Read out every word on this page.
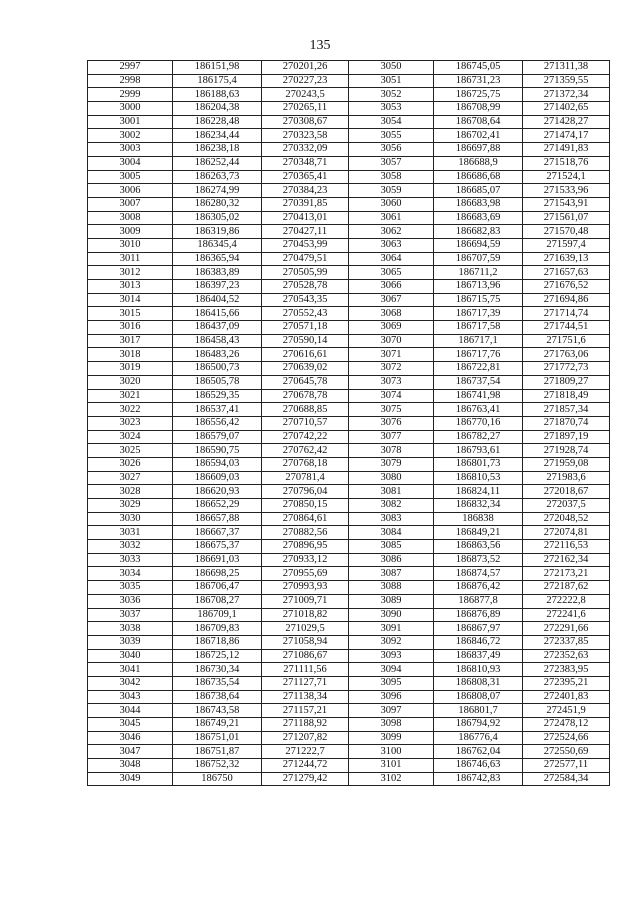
135
2997	186151,98	270201,26	3050	186745,05	271311,38
2998	186175,4	270227,23	3051	186731,23	271359,55
2999	186188,63	270243,5	3052	186725,75	271372,34
3000	186204,38	270265,11	3053	186708,99	271402,65
3001	186228,48	270308,67	3054	186708,64	271428,27
3002	186234,44	270323,58	3055	186702,41	271474,17
3003	186238,18	270332,09	3056	186697,88	271491,83
3004	186252,44	270348,71	3057	186688,9	271518,76
3005	186263,73	270365,41	3058	186686,68	271524,1
3006	186274,99	270384,23	3059	186685,07	271533,96
3007	186280,32	270391,85	3060	186683,98	271543,91
3008	186305,02	270413,01	3061	186683,69	271561,07
3009	186319,86	270427,11	3062	186682,83	271570,48
3010	186345,4	270453,99	3063	186694,59	271597,4
3011	186365,94	270479,51	3064	186707,59	271639,13
3012	186383,89	270505,99	3065	186711,2	271657,63
3013	186397,23	270528,78	3066	186713,96	271676,52
3014	186404,52	270543,35	3067	186715,75	271694,86
3015	186415,66	270552,43	3068	186717,39	271714,74
3016	186437,09	270571,18	3069	186717,58	271744,51
3017	186458,43	270590,14	3070	186717,1	271751,6
3018	186483,26	270616,61	3071	186717,76	271763,06
3019	186500,73	270639,02	3072	186722,81	271772,73
3020	186505,78	270645,78	3073	186737,54	271809,27
3021	186529,35	270678,78	3074	186741,98	271818,49
3022	186537,41	270688,85	3075	186763,41	271857,34
3023	186556,42	270710,57	3076	186770,16	271870,74
3024	186579,07	270742,22	3077	186782,27	271897,19
3025	186590,75	270762,42	3078	186793,61	271928,74
3026	186594,03	270768,18	3079	186801,73	271959,08
3027	186609,03	270781,4	3080	186810,53	271983,6
3028	186620,93	270796,04	3081	186824,11	272018,67
3029	186652,29	270850,15	3082	186832,34	272037,5
3030	186657,88	270864,61	3083	186838	272048,52
3031	186667,37	270882,56	3084	186849,21	272074,81
3032	186675,37	270896,95	3085	186863,56	272116,53
3033	186691,03	270933,12	3086	186873,52	272162,34
3034	186698,25	270955,69	3087	186874,57	272173,21
3035	186706,47	270993,93	3088	186876,42	272187,62
3036	186708,27	271009,71	3089	186877,8	272222,8
3037	186709,1	271018,82	3090	186876,89	272241,6
3038	186709,83	271029,5	3091	186867,97	272291,66
3039	186718,86	271058,94	3092	186846,72	272337,85
3040	186725,12	271086,67	3093	186837,49	272352,63
3041	186730,34	271111,56	3094	186810,93	272383,95
3042	186735,54	271127,71	3095	186808,31	272395,21
3043	186738,64	271138,34	3096	186808,07	272401,83
3044	186743,58	271157,21	3097	186801,7	272451,9
3045	186749,21	271188,92	3098	186794,92	272478,12
3046	186751,01	271207,82	3099	186776,4	272524,66
3047	186751,87	271222,7	3100	186762,04	272550,69
3048	186752,32	271244,72	3101	186746,63	272577,11
3049	186750	271279,42	3102	186742,83	272584,34
